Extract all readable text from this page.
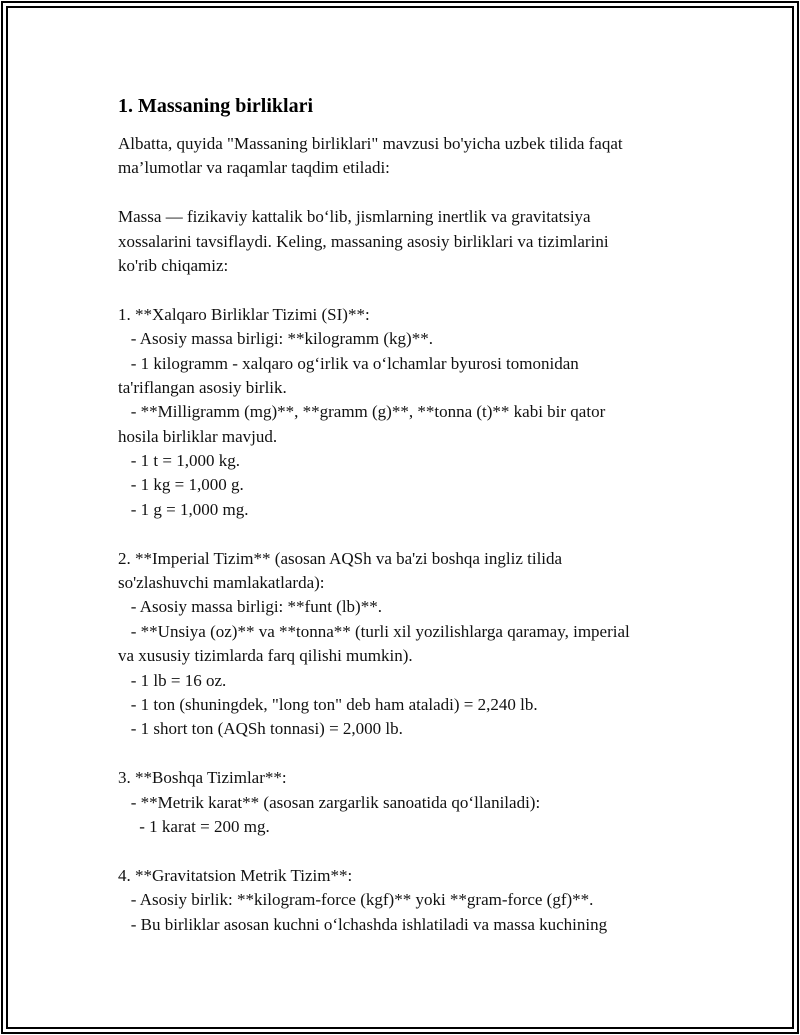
1. Massaning birliklari
Albatta, quyida "Massaning birliklari" mavzusi bo'yicha uzbek tilida faqat
ma’lumotlar va raqamlar taqdim etiladi:
Massa — fizikaviy kattalik bo‘lib, jismlarning inertlik va gravitatsiya
xossalarini tavsiflaydi. Keling, massaning asosiy birliklari va tizimlarini
ko'rib chiqamiz:
1. **Xalqaro Birliklar Tizimi (SI)**:
- Asosiy massa birligi: **kilogramm (kg)**.
- 1 kilogramm - xalqaro og‘irlik va o‘lchamlar byurosi tomonidan
ta'riflangan asosiy birlik.
- **Milligramm (mg)**, **gramm (g)**, **tonna (t)** kabi bir qator
hosila birliklar mavjud.
- 1 t = 1,000 kg.
- 1 kg = 1,000 g.
- 1 g = 1,000 mg.
2. **Imperial Tizim** (asosan AQSh va ba'zi boshqa ingliz tilida
so'zlashuvchi mamlakatlarda):
- Asosiy massa birligi: **funt (lb)**.
- **Unsiya (oz)** va **tonna** (turli xil yozilishlarga qaramay, imperial
va xususiy tizimlarda farq qilishi mumkin).
- 1 lb = 16 oz.
- 1 ton (shuningdek, "long ton" deb ham ataladi) = 2,240 lb.
- 1 short ton (AQSh tonnasi) = 2,000 lb.
3. **Boshqa Tizimlar**:
- **Metrik karat** (asosan zargarlik sanoatida qo‘llaniladi):
- 1 karat = 200 mg.
4. **Gravitatsion Metrik Tizim**:
- Asosiy birlik: **kilogram-force (kgf)** yoki **gram-force (gf)**.
- Bu birliklar asosan kuchni o‘lchashda ishlatiladi va massa kuchining
